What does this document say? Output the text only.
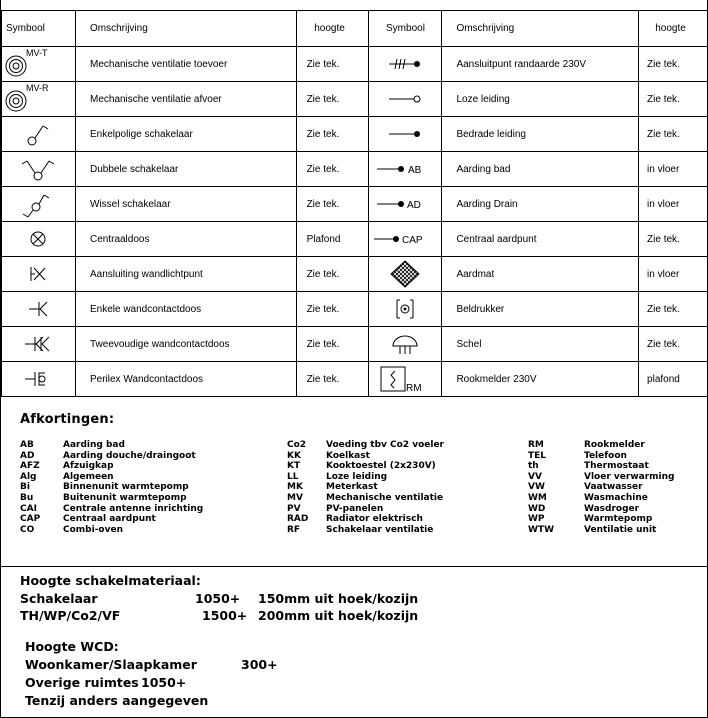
Symbool	Omschrijving	hoogte	Symbool	Omschrijving	hoogte

MV-T	Mechanische ventilatie toevoer	Zie tek.		Aansluitpunt randaarde 230V	Zie tek.

MV-R	Mechanische ventilatie afvoer	Zie tek.		Loze leiding	Zie tek.

	Enkelpolige schakelaar	Zie tek.		Bedrade leiding	Zie tek.

	Dubbele schakelaar	Zie tek.	AB	Aarding bad	in vloer

	Wissel schakelaar	Zie tek.	AD	Aarding Drain	in vloer

	Centraaldoos	Plafond	CAP	Centraal aardpunt	Zie tek.

	Aansluiting wandlichtpunt	Zie tek.		Aardmat	in vloer

	Enkele wandcontactdoos	Zie tek.		Beldrukker	Zie tek.

	Tweevoudige wandcontactdoos	Zie tek.		Schel	Zie tek.

	Perilex Wandcontactdoos	Zie tek.	RM	Rookmelder 230V	plafond
Afkortingen:
AB	Aarding bad
AD	Aarding douche/draingoot
AFZ	Afzuigkap
Alg	Algemeen
Bi	Binnenunit warmtepomp
Bu	Buitenunit warmtepomp
CAI	Centrale antenne inrichting
CAP	Centraal aardpunt
CO	Combi-oven
Co2 Voeding tbv Co2 voeler
KK	Koelkast
KT	Kooktoestel (2x230V)
LL	Loze leiding
MK	Meterkast
MV	Mechanische ventilatie
PV	PV-panelen
RAD Radiator elektrisch
RF	Schakelaar ventilatie
RM	Rookmelder
TEL	Telefoon
th	Thermostaat
VV	Vloer verwarming
VW	Vaatwasser
WM	Wasmachine
WD	Wasdroger
WP	Warmtepomp
WTW	Ventilatie unit
Hoogte schakelmateriaal:
Schakelaar	1050+ 150mm uit hoek/kozijn
TH/WP/Co2/VF	1500+ 200mm uit hoek/kozijn
Hoogte WCD:
Woonkamer/Slaapkamer	300+
Overige ruimtes 1050+
Tenzij anders aangegeven
